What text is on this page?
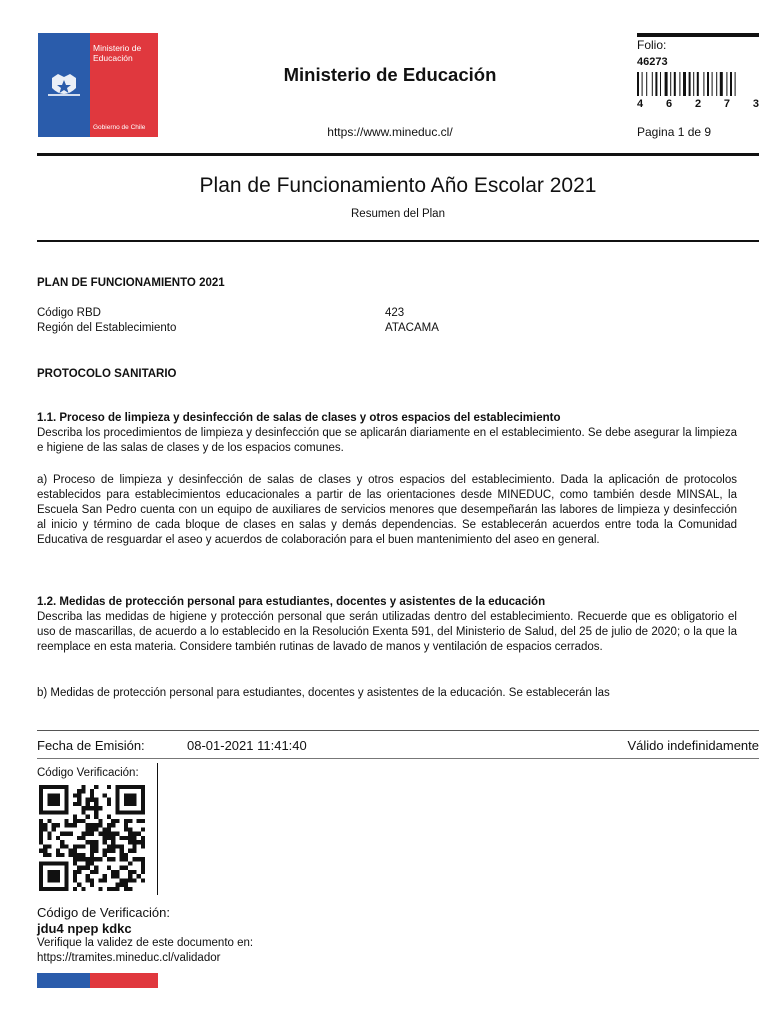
Ministerio de
Educación
Gobierno de Chile
Ministerio de Educación
https://www.mineduc.cl/
Folio:
46273
4 6 2 7 3
Pagina 1 de 9
Plan de Funcionamiento Año Escolar 2021
Resumen del Plan
PLAN DE FUNCIONAMIENTO 2021
Código RBD	423
Región del Establecimiento	ATACAMA
PROTOCOLO SANITARIO
1.1. Proceso de limpieza y desinfección de salas de clases y otros espacios del establecimiento
Describa los procedimientos de limpieza y desinfección que se aplicarán diariamente en el establecimiento. Se debe asegurar la limpieza e higiene de las salas de clases y de los espacios comunes.
a) Proceso de limpieza y desinfección de salas de clases y otros espacios del establecimiento. Dada la aplicación de protocolos establecidos para establecimientos educacionales a partir de las orientaciones desde MINEDUC, como también desde MINSAL, la Escuela San Pedro cuenta con un equipo de auxiliares de servicios menores que desempeñarán las labores de limpieza y desinfección al inicio y término de cada bloque de clases en salas y demás dependencias. Se establecerán acuerdos entre toda la Comunidad Educativa de resguardar el aseo y acuerdos de colaboración para el buen mantenimiento del aseo en general.
1.2. Medidas de protección personal para estudiantes, docentes y asistentes de la educación
Describa las medidas de higiene y protección personal que serán utilizadas dentro del establecimiento. Recuerde que es obligatorio el uso de mascarillas, de acuerdo a lo establecido en la Resolución Exenta 591, del Ministerio de Salud, del 25 de julio de 2020; o la que la reemplace en esta materia. Considere también rutinas de lavado de manos y ventilación de espacios cerrados.
b) Medidas de protección personal para estudiantes, docentes y asistentes de la educación. Se establecerán las
Fecha de Emisión:	08-01-2021 11:41:40	Válido indefinidamente
Código Verificación:
Código de Verificación:
jdu4 npep kdkc
Verifique la validez de este documento en:
https://tramites.mineduc.cl/validador
